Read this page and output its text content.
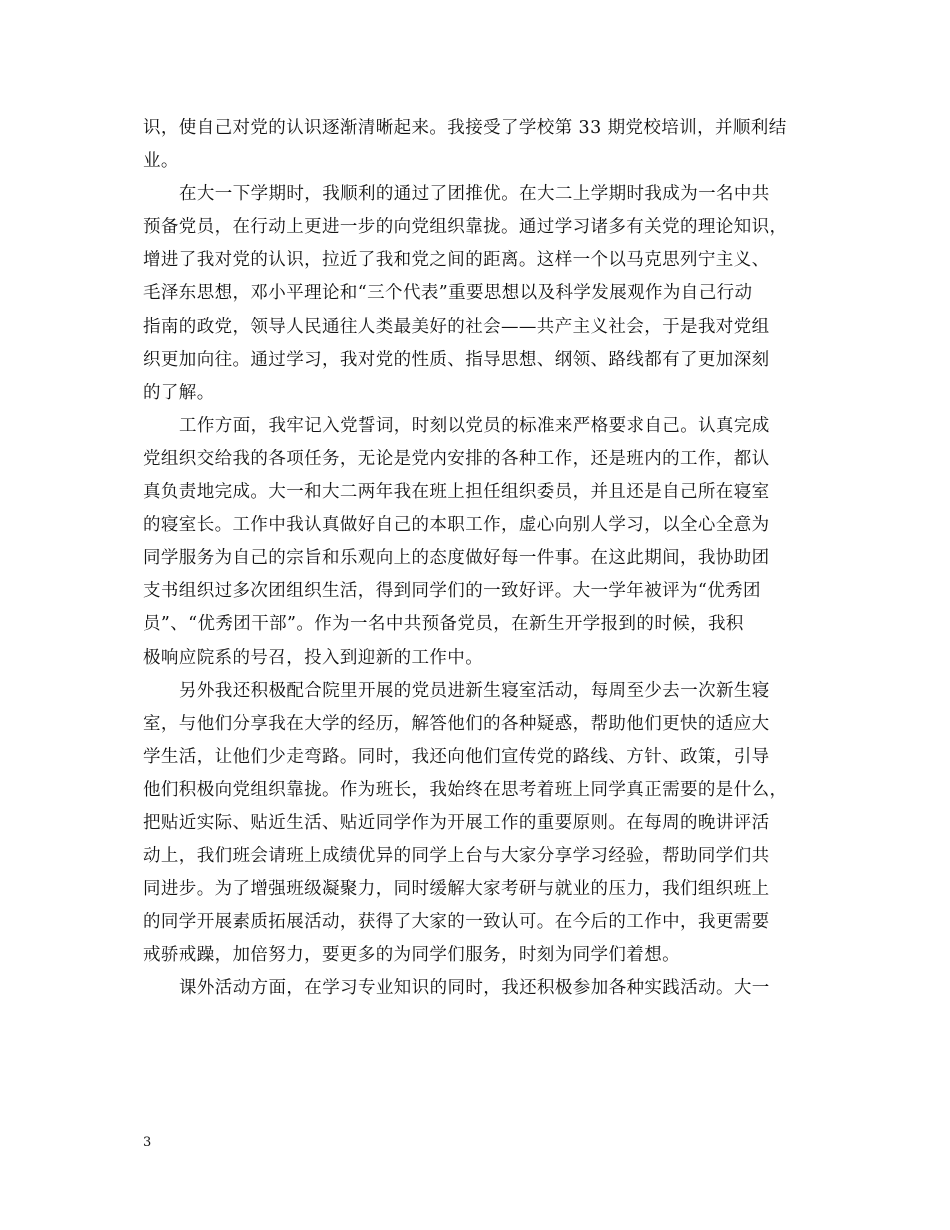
识，使自己对党的认识逐渐清晰起来。我接受了学校第 33 期党校培训，并顺利结
业。
在大一下学期时，我顺利的通过了团推优。在大二上学期时我成为一名中共
预备党员，在行动上更进一步的向党组织靠拢。通过学习诸多有关党的理论知识，
增进了我对党的认识，拉近了我和党之间的距离。这样一个以马克思列宁主义、
毛泽东思想，邓小平理论和“三个代表”重要思想以及科学发展观作为自己行动
指南的政党，领导人民通往人类最美好的社会——共产主义社会，于是我对党组
织更加向往。通过学习，我对党的性质、指导思想、纲领、路线都有了更加深刻
的了解。
工作方面，我牢记入党誓词，时刻以党员的标准来严格要求自己。认真完成
党组织交给我的各项任务，无论是党内安排的各种工作，还是班内的工作，都认
真负责地完成。大一和大二两年我在班上担任组织委员，并且还是自己所在寝室
的寝室长。工作中我认真做好自己的本职工作，虚心向别人学习，以全心全意为
同学服务为自己的宗旨和乐观向上的态度做好每一件事。在这此期间，我协助团
支书组织过多次团组织生活，得到同学们的一致好评。大一学年被评为“优秀团
员”、“优秀团干部”。作为一名中共预备党员，在新生开学报到的时候，我积
极响应院系的号召，投入到迎新的工作中。
另外我还积极配合院里开展的党员进新生寝室活动，每周至少去一次新生寝
室，与他们分享我在大学的经历，解答他们的各种疑惑，帮助他们更快的适应大
学生活，让他们少走弯路。同时，我还向他们宣传党的路线、方针、政策，引导
他们积极向党组织靠拢。作为班长，我始终在思考着班上同学真正需要的是什么，
把贴近实际、贴近生活、贴近同学作为开展工作的重要原则。在每周的晚讲评活
动上，我们班会请班上成绩优异的同学上台与大家分享学习经验，帮助同学们共
同进步。为了增强班级凝聚力，同时缓解大家考研与就业的压力，我们组织班上
的同学开展素质拓展活动，获得了大家的一致认可。在今后的工作中，我更需要
戒骄戒躁，加倍努力，要更多的为同学们服务，时刻为同学们着想。
课外活动方面，在学习专业知识的同时，我还积极参加各种实践活动。大一
3
